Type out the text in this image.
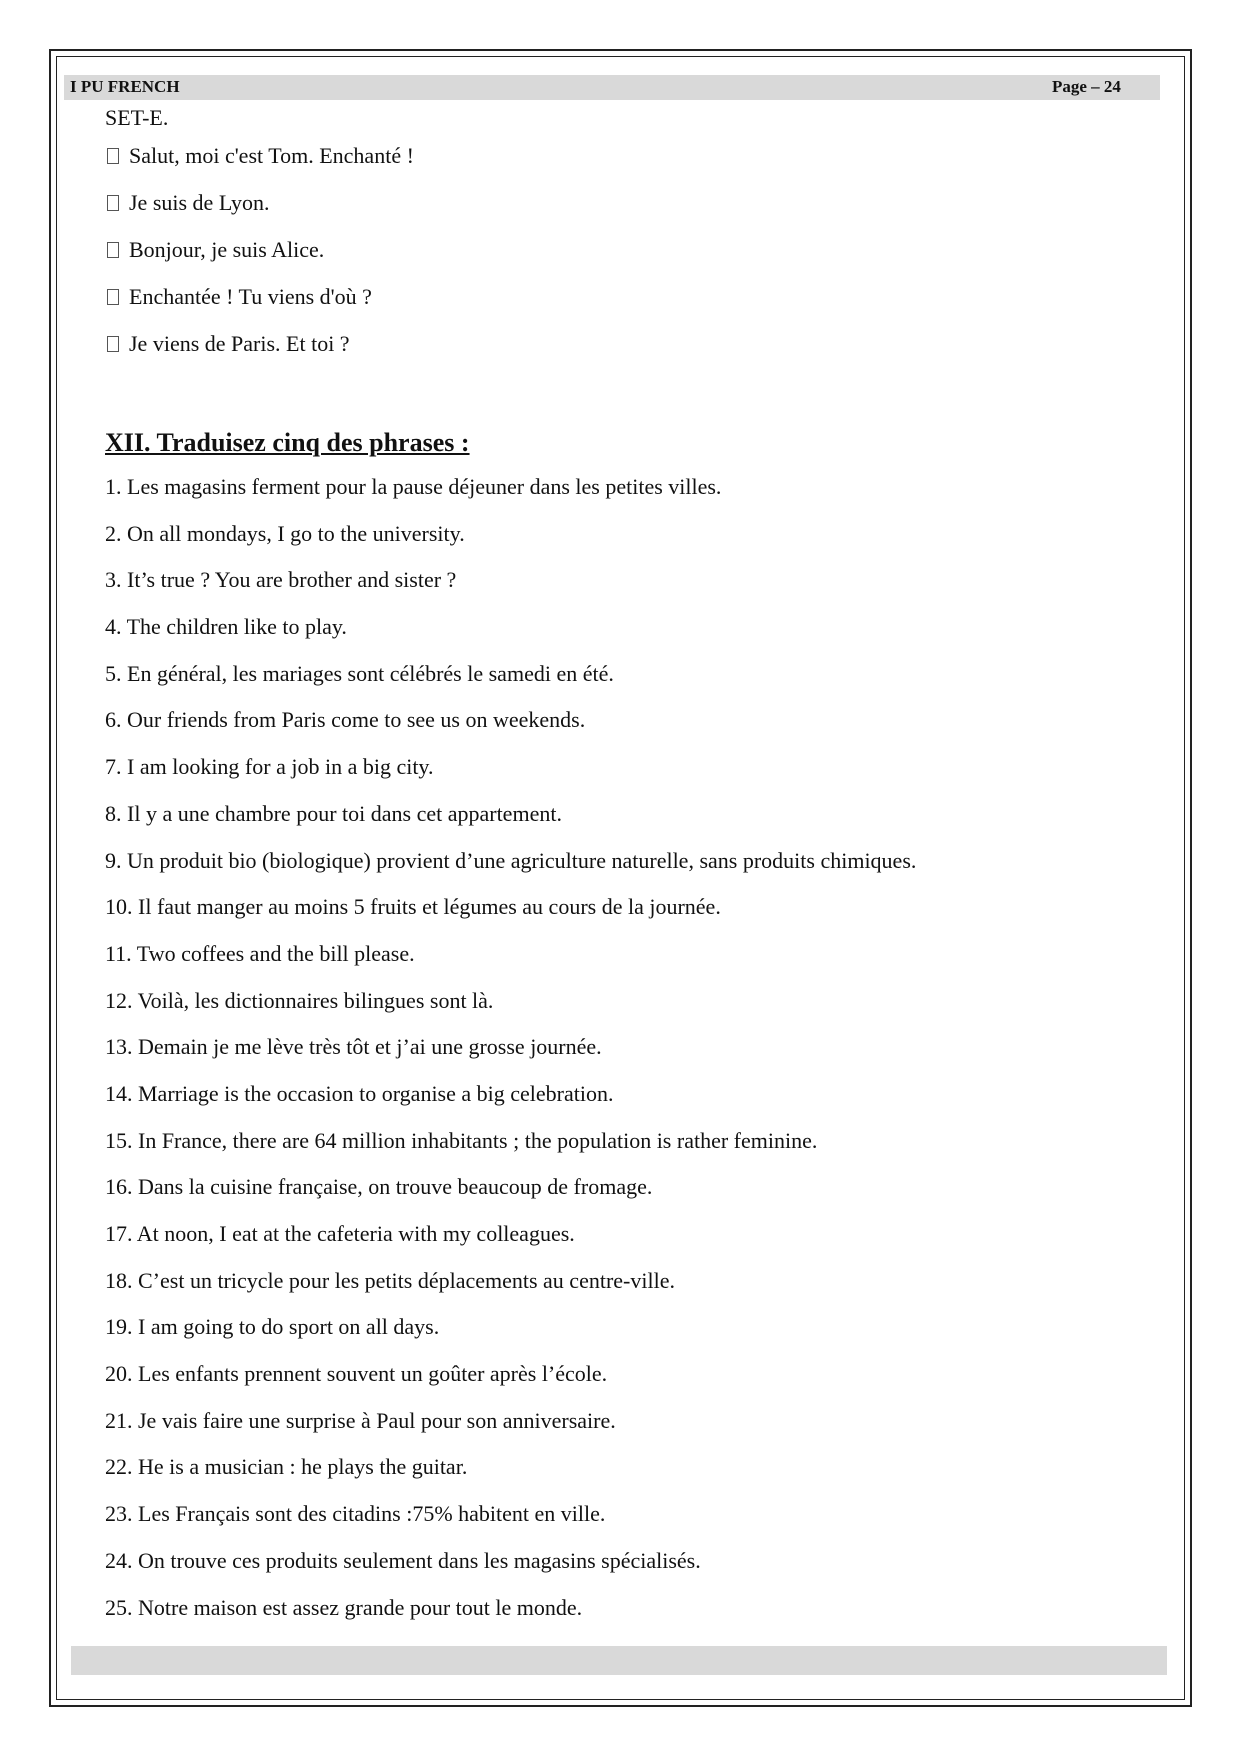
I PU FRENCH	Page – 24

SET-E.

Salut, moi c'est Tom. Enchanté !
Je suis de Lyon.
Bonjour, je suis Alice.
Enchantée ! Tu viens d'où ?
Je viens de Paris. Et toi ?
XII. Traduisez cinq des phrases :
1. Les magasins ferment pour la pause déjeuner dans les petites villes.
2. On all mondays, I go to the university.
3. It’s true ? You are brother and sister ?
4. The children like to play.
5. En général, les mariages sont célébrés le samedi en été.
6. Our friends from Paris come to see us on weekends.
7. I am looking for a job in a big city.
8. Il y a une chambre pour toi dans cet appartement.
9. Un produit bio (biologique) provient d’une agriculture naturelle, sans produits chimiques.
10. Il faut manger au moins 5 fruits et légumes au cours de la journée.
11. Two coffees and the bill please.
12. Voilà, les dictionnaires bilingues sont là.
13. Demain je me lève très tôt et j’ai une grosse journée.
14. Marriage is the occasion to organise a big celebration.
15. In France, there are 64 million inhabitants ; the population is rather feminine.
16. Dans la cuisine française, on trouve beaucoup de fromage.
17. At noon, I eat at the cafeteria with my colleagues.
18. C’est un tricycle pour les petits déplacements au centre-ville.
19. I am going to do sport on all days.
20. Les enfants prennent souvent un goûter après l’école.
21. Je vais faire une surprise à Paul pour son anniversaire.
22. He is a musician : he plays the guitar.
23. Les Français sont des citadins :75% habitent en ville.
24. On trouve ces produits seulement dans les magasins spécialisés.
25. Notre maison est assez grande pour tout le monde.
